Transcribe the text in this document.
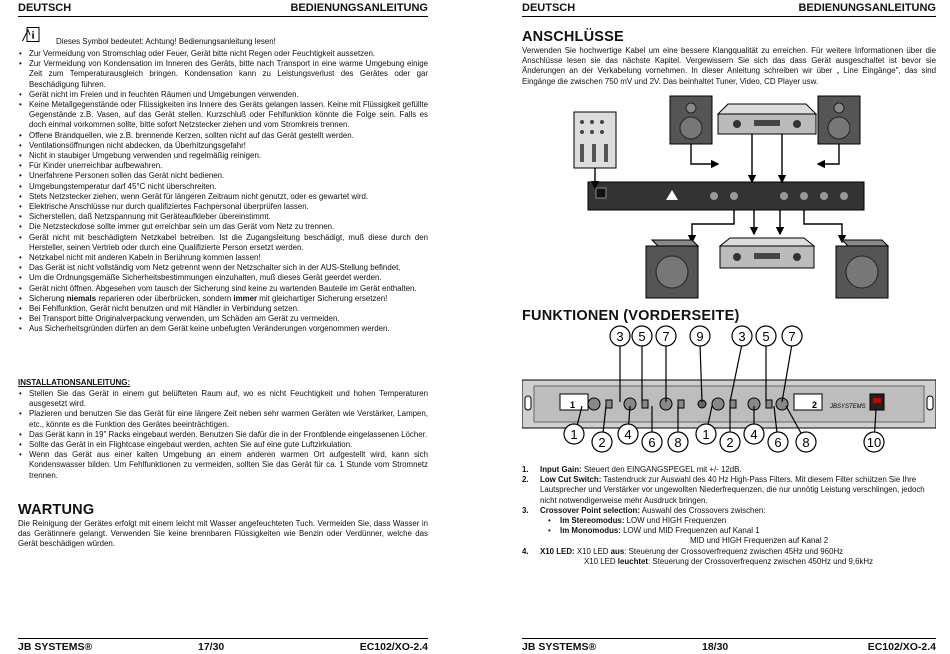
DEUTSCH	BEDIENUNGSANLEITUNG
i	Dieses Symbol bedeutet: Achtung! Bedienungsanleitung lesen!
• Zur Vermeidung von Stromschlag oder Feuer, Gerät bitte nicht Regen oder Feuchtigkeit aussetzen.
• Zur Vermeidung von Kondensation im Inneren des Geräts, bitte nach Transport in eine warme Umgebung einige Zeit zum Temperaturausgleich bringen. Kondensation kann zu Leistungsverlust des Gerätes oder gar Beschädigung führen.
• Gerät nicht im Freien und in feuchten Räumen und Umgebungen verwenden.
• Keine Metallgegenstände oder Flüssigkeiten ins Innere des Geräts gelangen lassen. Keine mit Flüssigkeit gefüllte Gegenstände z.B. Vasen, auf das Gerät stellen. Kurzschluß oder Fehlfunktion könnte die Folge sein. Falls es doch einmal vorkommen sollte, bitte sofort Netzstecker ziehen und vom Stromkreis trennen.
• Offene Brandquellen, wie z.B. brennende Kerzen, sollten nicht auf das Gerät gestellt werden.
• Ventilationsöffnungen nicht abdecken, da Überhitzungsgefahr!
• Nicht in staubiger Umgebung verwenden und regelmäßig reinigen.
• Für Kinder unerreichbar aufbewahren.
• Unerfahrene Personen sollen das Gerät nicht bedienen.
• Umgebungstemperatur darf 45°C nicht überschreiten.
• Stets Netzstecker ziehen, wenn Gerät für längeren Zeitraum nicht genutzt, oder es gewartet wird.
• Elektrische Anschlüsse nur durch qualifiziertes Fachpersonal überprüfen lassen.
• Sicherstellen, daß Netzspannung mit Geräteaufkleber übereinstimmt.
• Die Netzsteckdose sollte immer gut erreichbar sein um das Gerät vom Netz zu trennen.
• Gerät nicht mit beschädigtem Netzkabel betreiben. Ist die Zugangsleitung beschädigt, muß diese durch den Hersteller, seinen Vertrieb oder durch eine Qualifizierte Person ersetzt werden.
• Netzkabel nicht mit anderen Kabeln in Berührung kommen lassen!
• Das Gerät ist nicht vollständig vom Netz getrennt wenn der Netzschalter sich in der AUS-Stellung befindet.
• Um die Ordnungsgemäße Sicherheitsbestimmungen einzuhalten, muß dieses Gerät geerdet werden.
• Gerät nicht öffnen. Abgesehen vom tausch der Sicherung sind keine zu wartenden Bauteile im Gerät enthalten.
• Sicherung niemals reparieren oder überbrücken, sondern immer mit gleichartiger Sicherung ersetzen!
• Bei Fehlfunktion, Gerät nicht benutzen und mit Händler in Verbindung setzen.
• Bei Transport bitte Originalverpackung verwenden, um Schäden am Gerät zu vermeiden.
• Aus Sicherheitsgründen dürfen an dem Gerät keine unbefugten Veränderungen vorgenommen werden.
INSTALLATIONSANLEITUNG:
• Stellen Sie das Gerät in einem gut belüfteten Raum auf, wo es nicht Feuchtigkeit und hohen Temperaturen ausgesetzt wird.
• Plazieren und benutzen Sie das Gerät für eine längere Zeit neben sehr warmen Geräten wie Verstärker, Lampen, etc., könnte es die Funktion des Gerätes beeinträchtigen.
• Das Gerät kann in 19" Racks eingebaut werden. Benutzen Sie dafür die in der Frontblende eingelassenen Löcher.
• Sollte das Gerät in ein Flightcase eingebaut werden, achten Sie auf eine gute Luftzirkulation.
• Wenn das Gerät aus einer kalten Umgebung an einem anderen warmen Ort aufgestellt wird, kann sich Kondenswasser bilden. Um Fehlfunktionen zu vermeiden, sollten Sie das Gerät für ca. 1 Stunde vom Stromnetz trennen.
WARTUNG
Die Reinigung der Gerätes erfolgt mit einem leicht mit Wasser angefeuchteten Tuch. Vermeiden Sie, dass Wasser in das Gerätinnere gelangt. Verwenden Sie keine brennbaren Flüssigkeiten wie Benzin oder Verdünner, welche das Gerät beschädigen würden.
JB SYSTEMS®	17/30	EC102/XO-2.4
DEUTSCH	BEDIENUNGSANLEITUNG
ANSCHLÜSSE
Verwenden Sie hochwertige Kabel um eine bessere Klangqualität zu erreichen. Für weitere Informationen über die Anschlüsse lesen sie das nächste Kapitel. Vergewissern Sie sich das dass Gerät ausgeschaltet ist bevor sie Änderungen an der Verkabelung vornehmen. In dieser Anleitung schreiben wir über „ Line Eingänge", das sind Eingänge die zwischen 750 mV und 2V. Das beinhaltet Tuner, Video, CD Player usw.
FUNKTIONEN (VORDERSEITE)
1	2 JBSYSTEMS
3 5 7 9	3 5 7
1
2
4
6 8
1
2
4
6 8	10
1. Input Gain: Steuert den EINGANGSPEGEL mit +/- 12dB.
2. Low Cut Switch: Tastendruck zur Auswahl des 40 Hz High-Pass Filters. Mit diesem Filter schützen Sie Ihre Lautsprecher und Verstärker vor ungewollten Niederfrequenzen, die nur unnötig Leistung verschlingen, jedoch nicht notwendigerweise mehr Ausdruck bringen.
3. Crossover Point selection: Auswahl des Crossovers zwischen:
• Im Stereomodus: LOW und HIGH Frequenzen
• Im Monomodus: LOW und MID Frequenzen auf Kanal 1
MID und HIGH Frequenzen auf Kanal 2
4. X10 LED: X10 LED aus: Steuerung der Crossoverfrequenz zwischen 45Hz und 960Hz
X10 LED leuchtet: Steuerung der Crossoverfrequenz zwischen 450Hz und 9,6kHz
JB SYSTEMS®	18/30	EC102/XO-2.4
